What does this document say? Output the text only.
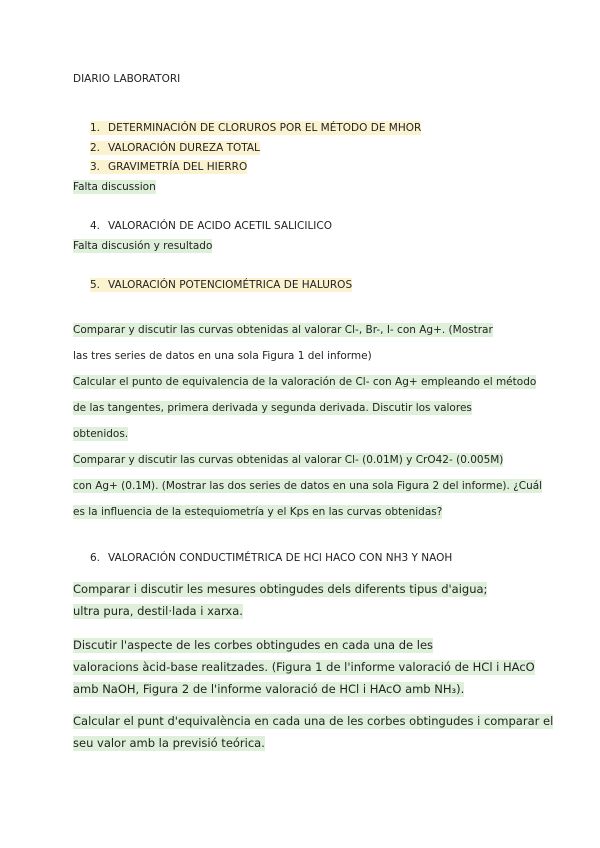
DIARIO LABORATORI
1. DETERMINACIÓN DE CLORUROS POR EL MÉTODO DE MHOR
2. VALORACIÓN DUREZA TOTAL
3. GRAVIMETRÍA DEL HIERRO
Falta discussion
4. VALORACIÓN DE ACIDO ACETIL SALICILICO
Falta discusión y resultado
5. VALORACIÓN POTENCIOMÉTRICA DE HALUROS
Comparar y discutir las curvas obtenidas al valorar Cl-, Br-, I- con Ag+. (Mostrar
las tres series de datos en una sola Figura 1 del informe)
Calcular el punto de equivalencia de la valoración de Cl- con Ag+ empleando el método
de las tangentes, primera derivada y segunda derivada. Discutir los valores
obtenidos.
Comparar y discutir las curvas obtenidas al valorar Cl- (0.01M) y CrO42- (0.005M)
con Ag+ (0.1M). (Mostrar las dos series de datos en una sola Figura 2 del informe). ¿Cuál
es la influencia de la estequiometría y el Kps en las curvas obtenidas?
6. VALORACIÓN CONDUCTIMÉTRICA DE HCl HACO CON NH3 Y NAOH
Comparar i discutir les mesures obtingudes dels diferents tipus d'aigua;
ultra pura, destil·lada i xarxa.
Discutir l'aspecte de les corbes obtingudes en cada una de les
valoracions àcid-base realitzades. (Figura 1 de l'informe valoració de HCl i HAcO
amb NaOH, Figura 2 de l'informe valoració de HCl i HAcO amb NH₃).
Calcular el punt d'equivalència en cada una de les corbes obtingudes i comparar el
seu valor amb la previsió teórica.
